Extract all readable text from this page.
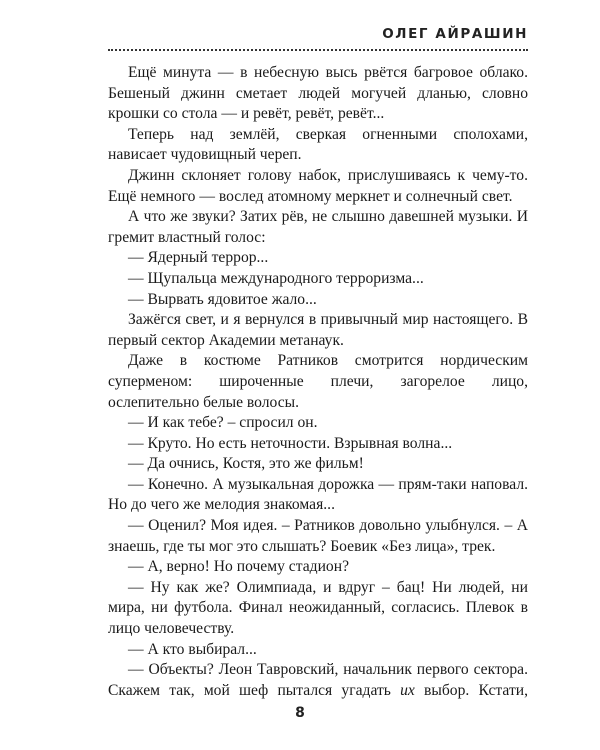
ОЛЕГ АЙРАШИН

Ещё минута — в небесную высь рвётся багровое облако. Бешеный джинн сметает людей могучей дланью, словно крошки со стола — и ревёт, ревёт, ревёт...

Теперь над землёй, сверкая огненными сполохами, нависает чудовищный череп.

Джинн склоняет голову набок, прислушиваясь к чему-то. Ещё немного — вослед атомному меркнет и солнечный свет.

А что же звуки? Затих рёв, не слышно давешней музыки. И гремит властный голос:

— Ядерный террор...

— Щупальца международного терроризма...

— Вырвать ядовитое жало...

Зажёгся свет, и я вернулся в привычный мир настоящего. В первый сектор Академии метанаук.

Даже в костюме Ратников смотрится нордическим суперменом: широченные плечи, загорелое лицо, ослепительно белые волосы.

— И как тебе? – спросил он.

— Круто. Но есть неточности. Взрывная волна...

— Да очнись, Костя, это же фильм!

— Конечно. А музыкальная дорожка — прям-таки наповал. Но до чего же мелодия знакомая...

— Оценил? Моя идея. – Ратников довольно улыбнулся. – А знаешь, где ты мог это слышать? Боевик «Без лица», трек.

— А, верно! Но почему стадион?

— Ну как же? Олимпиада, и вдруг – бац! Ни людей, ни мира, ни футбола. Финал неожиданный, согласись. Плевок в лицо человечеству.

— А кто выбирал...

— Объекты? Леон Тавровский, начальник первого сектора. Скажем так, мой шеф пытался угадать их выбор. Кстати,

8
